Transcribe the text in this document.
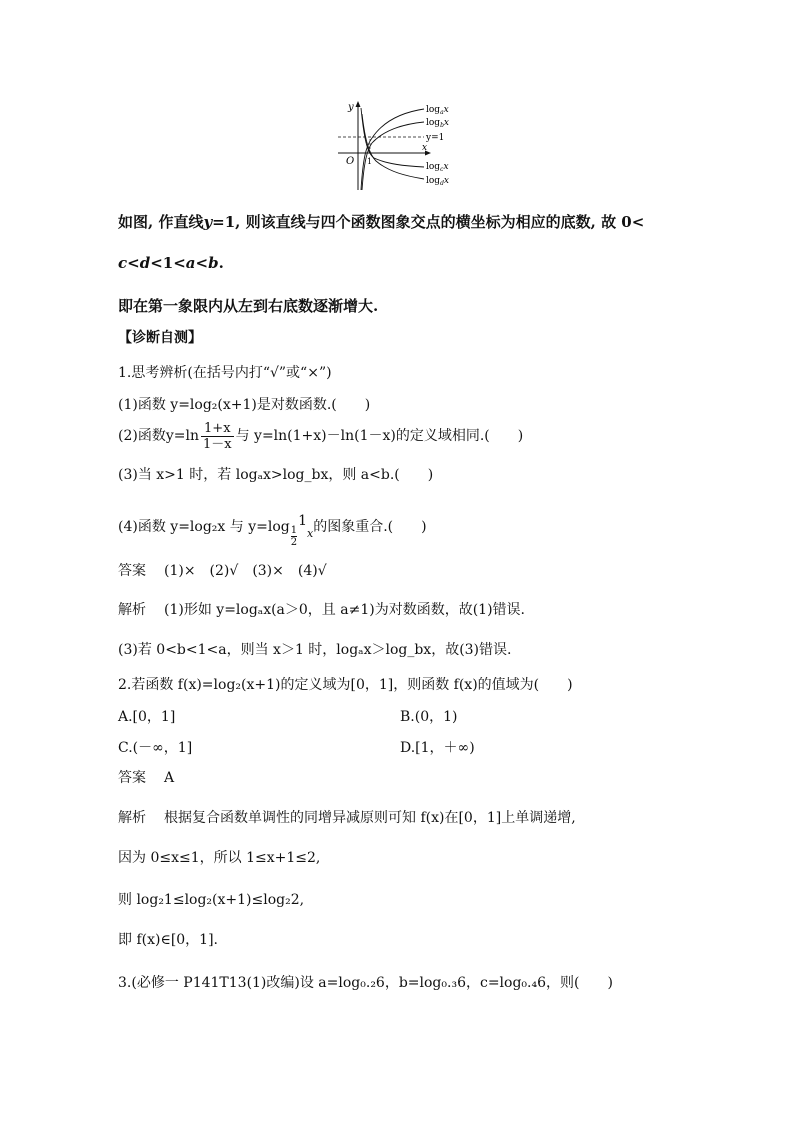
y
x
O 1
y=1
$\log_ax$
$\log_bx$
$\log_cx$
$\log_dx$
如图, 作直线y=1, 则该直线与四个函数图象交点的横坐标为相应的底数, 故 0<
c<d<1<a<b.
即在第一象限内从左到右底数逐渐增大.
【诊断自测】
1.思考辨析(在括号内打“√”或“×”)
(1)函数 y=log₂(x+1)是对数函数.(　　)
(2)函数$y=\ln \frac{1+x}{1-x}$ 与 y=ln(1+x)－ln(1－x)的定义域相同.(　　)
(3)当 x>1 时，若 logₐx>log_bx，则 a<b.(　　)
(4)函数 y=log₂x 与 $y=\log \frac{1}{2}$
$1_x$的图象重合.(　　)
答案 (1)×　(2)√　(3)×　(4)√
解析 (1)形如 y=logₐx(a＞0，且 a≠1)为对数函数，故(1)错误.
(3)若 0<b<1<a，则当 x＞1 时，logₐx＞log_bx，故(3)错误.
2.若函数 f(x)=log₂(x+1)的定义域为[0，1]，则函数 f(x)的值域为(　　)
A.[0，1]	B.(0，1)
C.(－∞，1]	D.[1，＋∞)
答案 A
解析 根据复合函数单调性的同增异减原则可知 f(x)在[0，1]上单调递增,
因为 0≤x≤1，所以 1≤x+1≤2,
则 log₂1≤log₂(x+1)≤log₂2,
即 f(x)∈[0，1].
3.(必修一 P141T13(1)改编)设 a=log₀.₂6，b=log₀.₃6，c=log₀.₄6，则(　　)
